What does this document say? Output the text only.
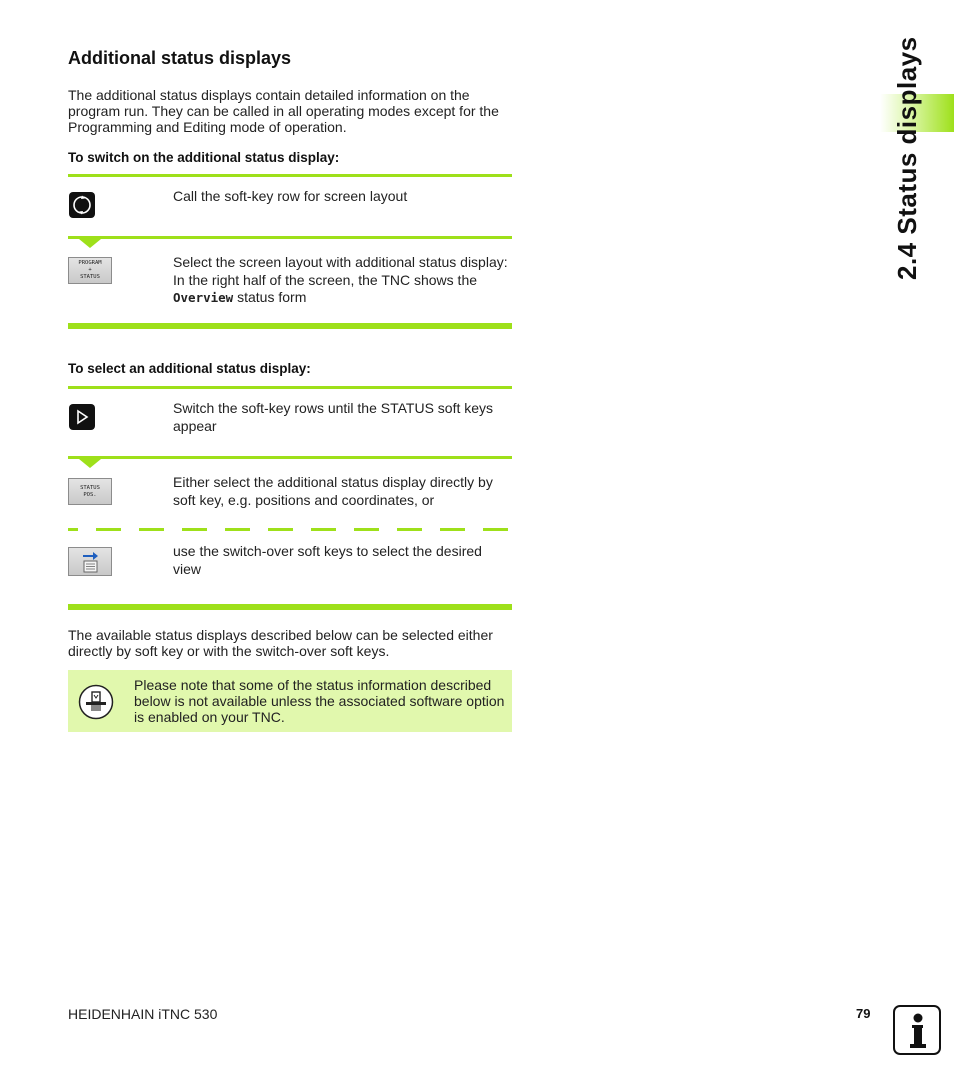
Additional status displays

The additional status displays contain detailed information on the program run. They can be called in all operating modes except for the Programming and Editing mode of operation.

To switch on the additional status display:

Call the soft-key row for screen layout
PROGRAM
+
STATUS
Select the screen layout with additional status display: In the right half of the screen, the TNC shows the Overview status form

To select an additional status display:

Switch the soft-key rows until the STATUS soft keys appear
STATUS
POS.
Either select the additional status display directly by soft key, e.g. positions and coordinates, or
use the switch-over soft keys to select the desired view

The available status displays described below can be selected either directly by soft key or with the switch-over soft keys.

Please note that some of the status information described below is not available unless the associated software option is enabled on your TNC.
2.4 Status displays
HEIDENHAIN iTNC 530	79
